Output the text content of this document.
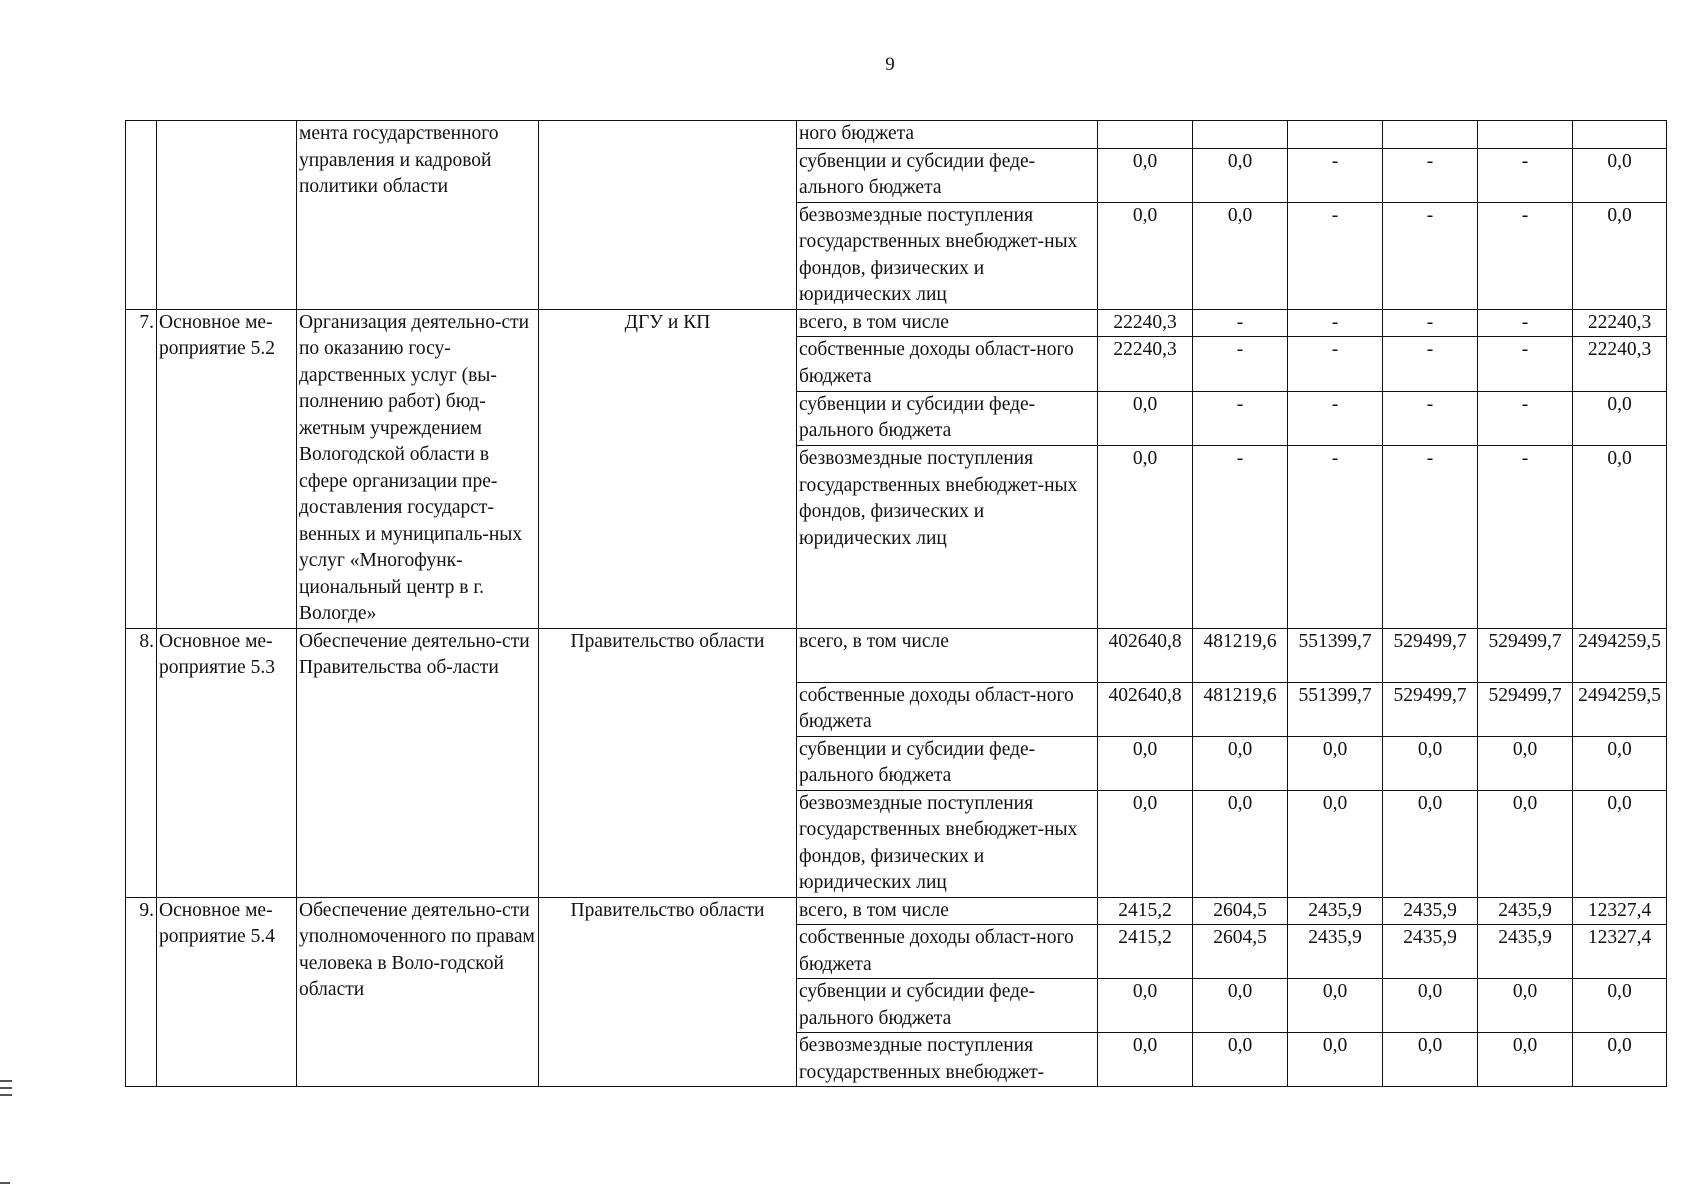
9
		мента государственного управления и кадровой политики области		ного бюджета						
				субвенции и субсидии феде-ального бюджета	0,0	0,0	-	-	-	0,0
				безвозмездные поступления государственных внебюджет-ных фондов, физических и юридических лиц	0,0	0,0	-	-	-	0,0
7.	Основное ме-роприятие 5.2	Организация деятельно-сти по оказанию госу-дарственных услуг (вы-полнению работ) бюд-жетным учреждением Вологодской области в сфере организации пре-доставления государст-венных и муниципаль-ных услуг «Многофунк-циональный центр в г. Вологде»	ДГУ и КП	всего, в том числе	22240,3	-	-	-	-	22240,3
				собственные доходы област-ного бюджета	22240,3	-	-	-	-	22240,3
				субвенции и субсидии феде-рального бюджета	0,0	-	-	-	-	0,0
				безвозмездные поступления государственных внебюджет-ных фондов, физических и юридических лиц	0,0	-	-	-	-	0,0
8.	Основное ме-роприятие 5.3	Обеспечение деятельно-сти Правительства об-ласти	Правительство области	всего, в том числе	402640,8	481219,6	551399,7	529499,7	529499,7	2494259,5
				собственные доходы област-ного бюджета	402640,8	481219,6	551399,7	529499,7	529499,7	2494259,5
				субвенции и субсидии феде-рального бюджета	0,0	0,0	0,0	0,0	0,0	0,0
				безвозмездные поступления государственных внебюджет-ных фондов, физических и юридических лиц	0,0	0,0	0,0	0,0	0,0	0,0
9.	Основное ме-роприятие 5.4	Обеспечение деятельно-сти уполномоченного по правам человека в Воло-годской области	Правительство области	всего, в том числе	2415,2	2604,5	2435,9	2435,9	2435,9	12327,4
				собственные доходы област-ного бюджета	2415,2	2604,5	2435,9	2435,9	2435,9	12327,4
				субвенции и субсидии феде-рального бюджета	0,0	0,0	0,0	0,0	0,0	0,0
				безвозмездные поступления государственных внебюджет-	0,0	0,0	0,0	0,0	0,0	0,0
